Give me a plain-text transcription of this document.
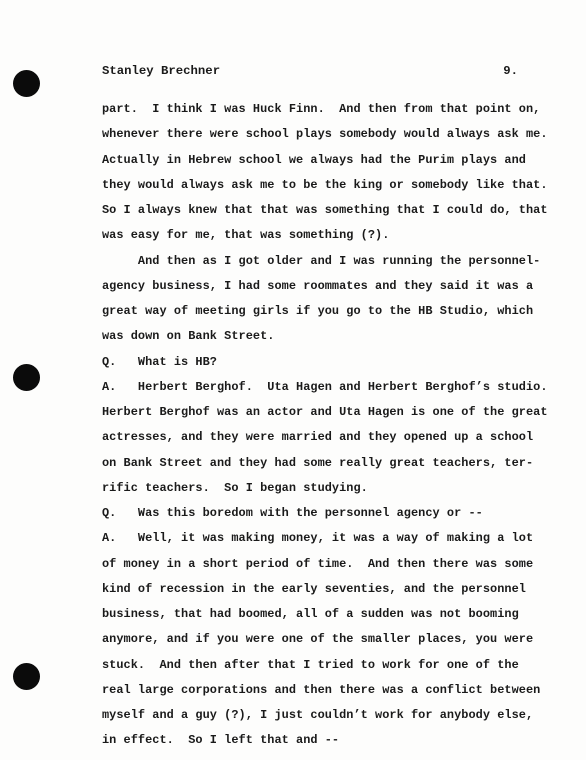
Stanley Brechner	9.
part.  I think I was Huck Finn.  And then from that point on,
whenever there were school plays somebody would always ask me.
Actually in Hebrew school we always had the Purim plays and
they would always ask me to be the king or somebody like that.
So I always knew that that was something that I could do, that
was easy for me, that was something (?).
And then as I got older and I was running the personnel-
agency business, I had some roommates and they said it was a
great way of meeting girls if you go to the HB Studio, which
was down on Bank Street.
Q.   What is HB?
A.   Herbert Berghof.  Uta Hagen and Herbert Berghof’s studio.
Herbert Berghof was an actor and Uta Hagen is one of the great
actresses, and they were married and they opened up a school
on Bank Street and they had some really great teachers, ter-
rific teachers.  So I began studying.
Q.   Was this boredom with the personnel agency or --
A.   Well, it was making money, it was a way of making a lot
of money in a short period of time.  And then there was some
kind of recession in the early seventies, and the personnel
business, that had boomed, all of a sudden was not booming
anymore, and if you were one of the smaller places, you were
stuck.  And then after that I tried to work for one of the
real large corporations and then there was a conflict between
myself and a guy (?), I just couldn’t work for anybody else,
in effect.  So I left that and --
